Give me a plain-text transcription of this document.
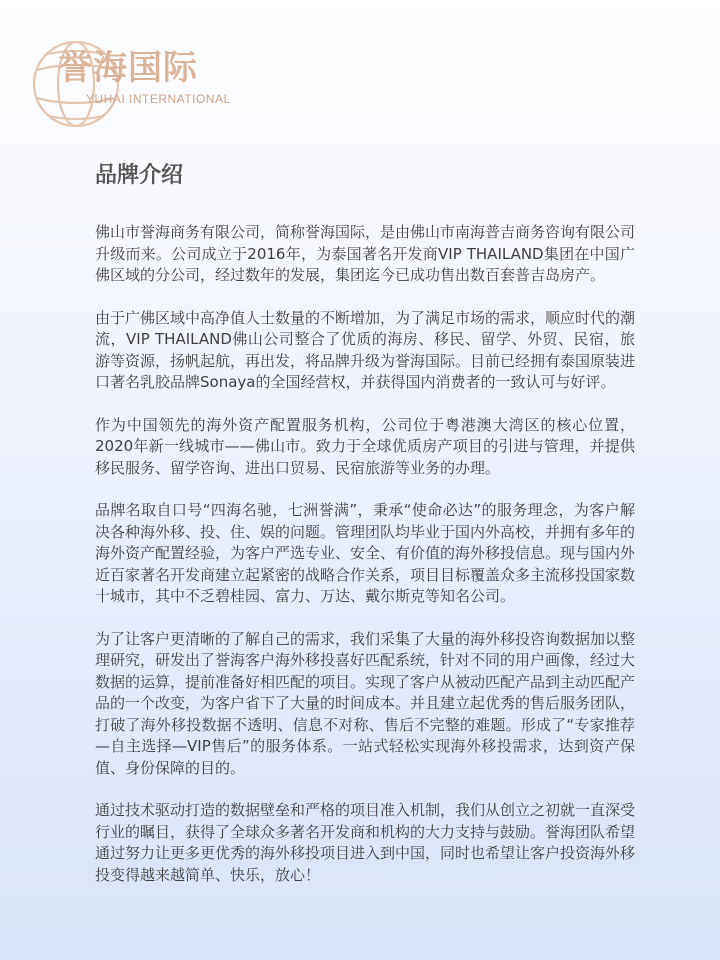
誉海国际
YUHAI INTERNATIONAL
品牌介绍

佛山市誉海商务有限公司，简称誉海国际，是由佛山市南海普吉商务咨询有限公司升级而来。公司成立于2016年，为泰国著名开发商VIP THAILAND集团在中国广佛区域的分公司，经过数年的发展，集团迄今已成功售出数百套普吉岛房产。

由于广佛区域中高净值人士数量的不断增加，为了满足市场的需求，顺应时代的潮流，VIP THAILAND佛山公司整合了优质的海房、移民、留学、外贸、民宿，旅游等资源，扬帆起航，再出发，将品牌升级为誉海国际。目前已经拥有泰国原装进口著名乳胶品牌Sonaya的全国经营权，并获得国内消费者的一致认可与好评。

作为中国领先的海外资产配置服务机构，公司位于粤港澳大湾区的核心位置，2020年新一线城市——佛山市。致力于全球优质房产项目的引进与管理，并提供移民服务、留学咨询、进出口贸易、民宿旅游等业务的办理。

品牌名取自口号“四海名驰，七洲誉满”，秉承“使命必达”的服务理念，为客户解决各种海外移、投、住、娱的问题。管理团队均毕业于国内外高校，并拥有多年的海外资产配置经验，为客户严选专业、安全、有价值的海外移投信息。现与国内外近百家著名开发商建立起紧密的战略合作关系，项目目标覆盖众多主流移投国家数十城市，其中不乏碧桂园、富力、万达、戴尔斯克等知名公司。

为了让客户更清晰的了解自己的需求，我们采集了大量的海外移投咨询数据加以整理研究，研发出了誉海客户海外移投喜好匹配系统，针对不同的用户画像，经过大数据的运算，提前准备好相匹配的项目。实现了客户从被动匹配产品到主动匹配产品的一个改变，为客户省下了大量的时间成本。并且建立起优秀的售后服务团队，打破了海外移投数据不透明、信息不对称、售后不完整的难题。形成了“专家推荐—自主选择—VIP售后”的服务体系。一站式轻松实现海外移投需求，达到资产保值、身份保障的目的。

通过技术驱动打造的数据壁垒和严格的项目准入机制，我们从创立之初就一直深受行业的瞩目，获得了全球众多著名开发商和机构的大力支持与鼓励。誉海团队希望通过努力让更多更优秀的海外移投项目进入到中国，同时也希望让客户投资海外移投变得越来越简单、快乐，放心！
